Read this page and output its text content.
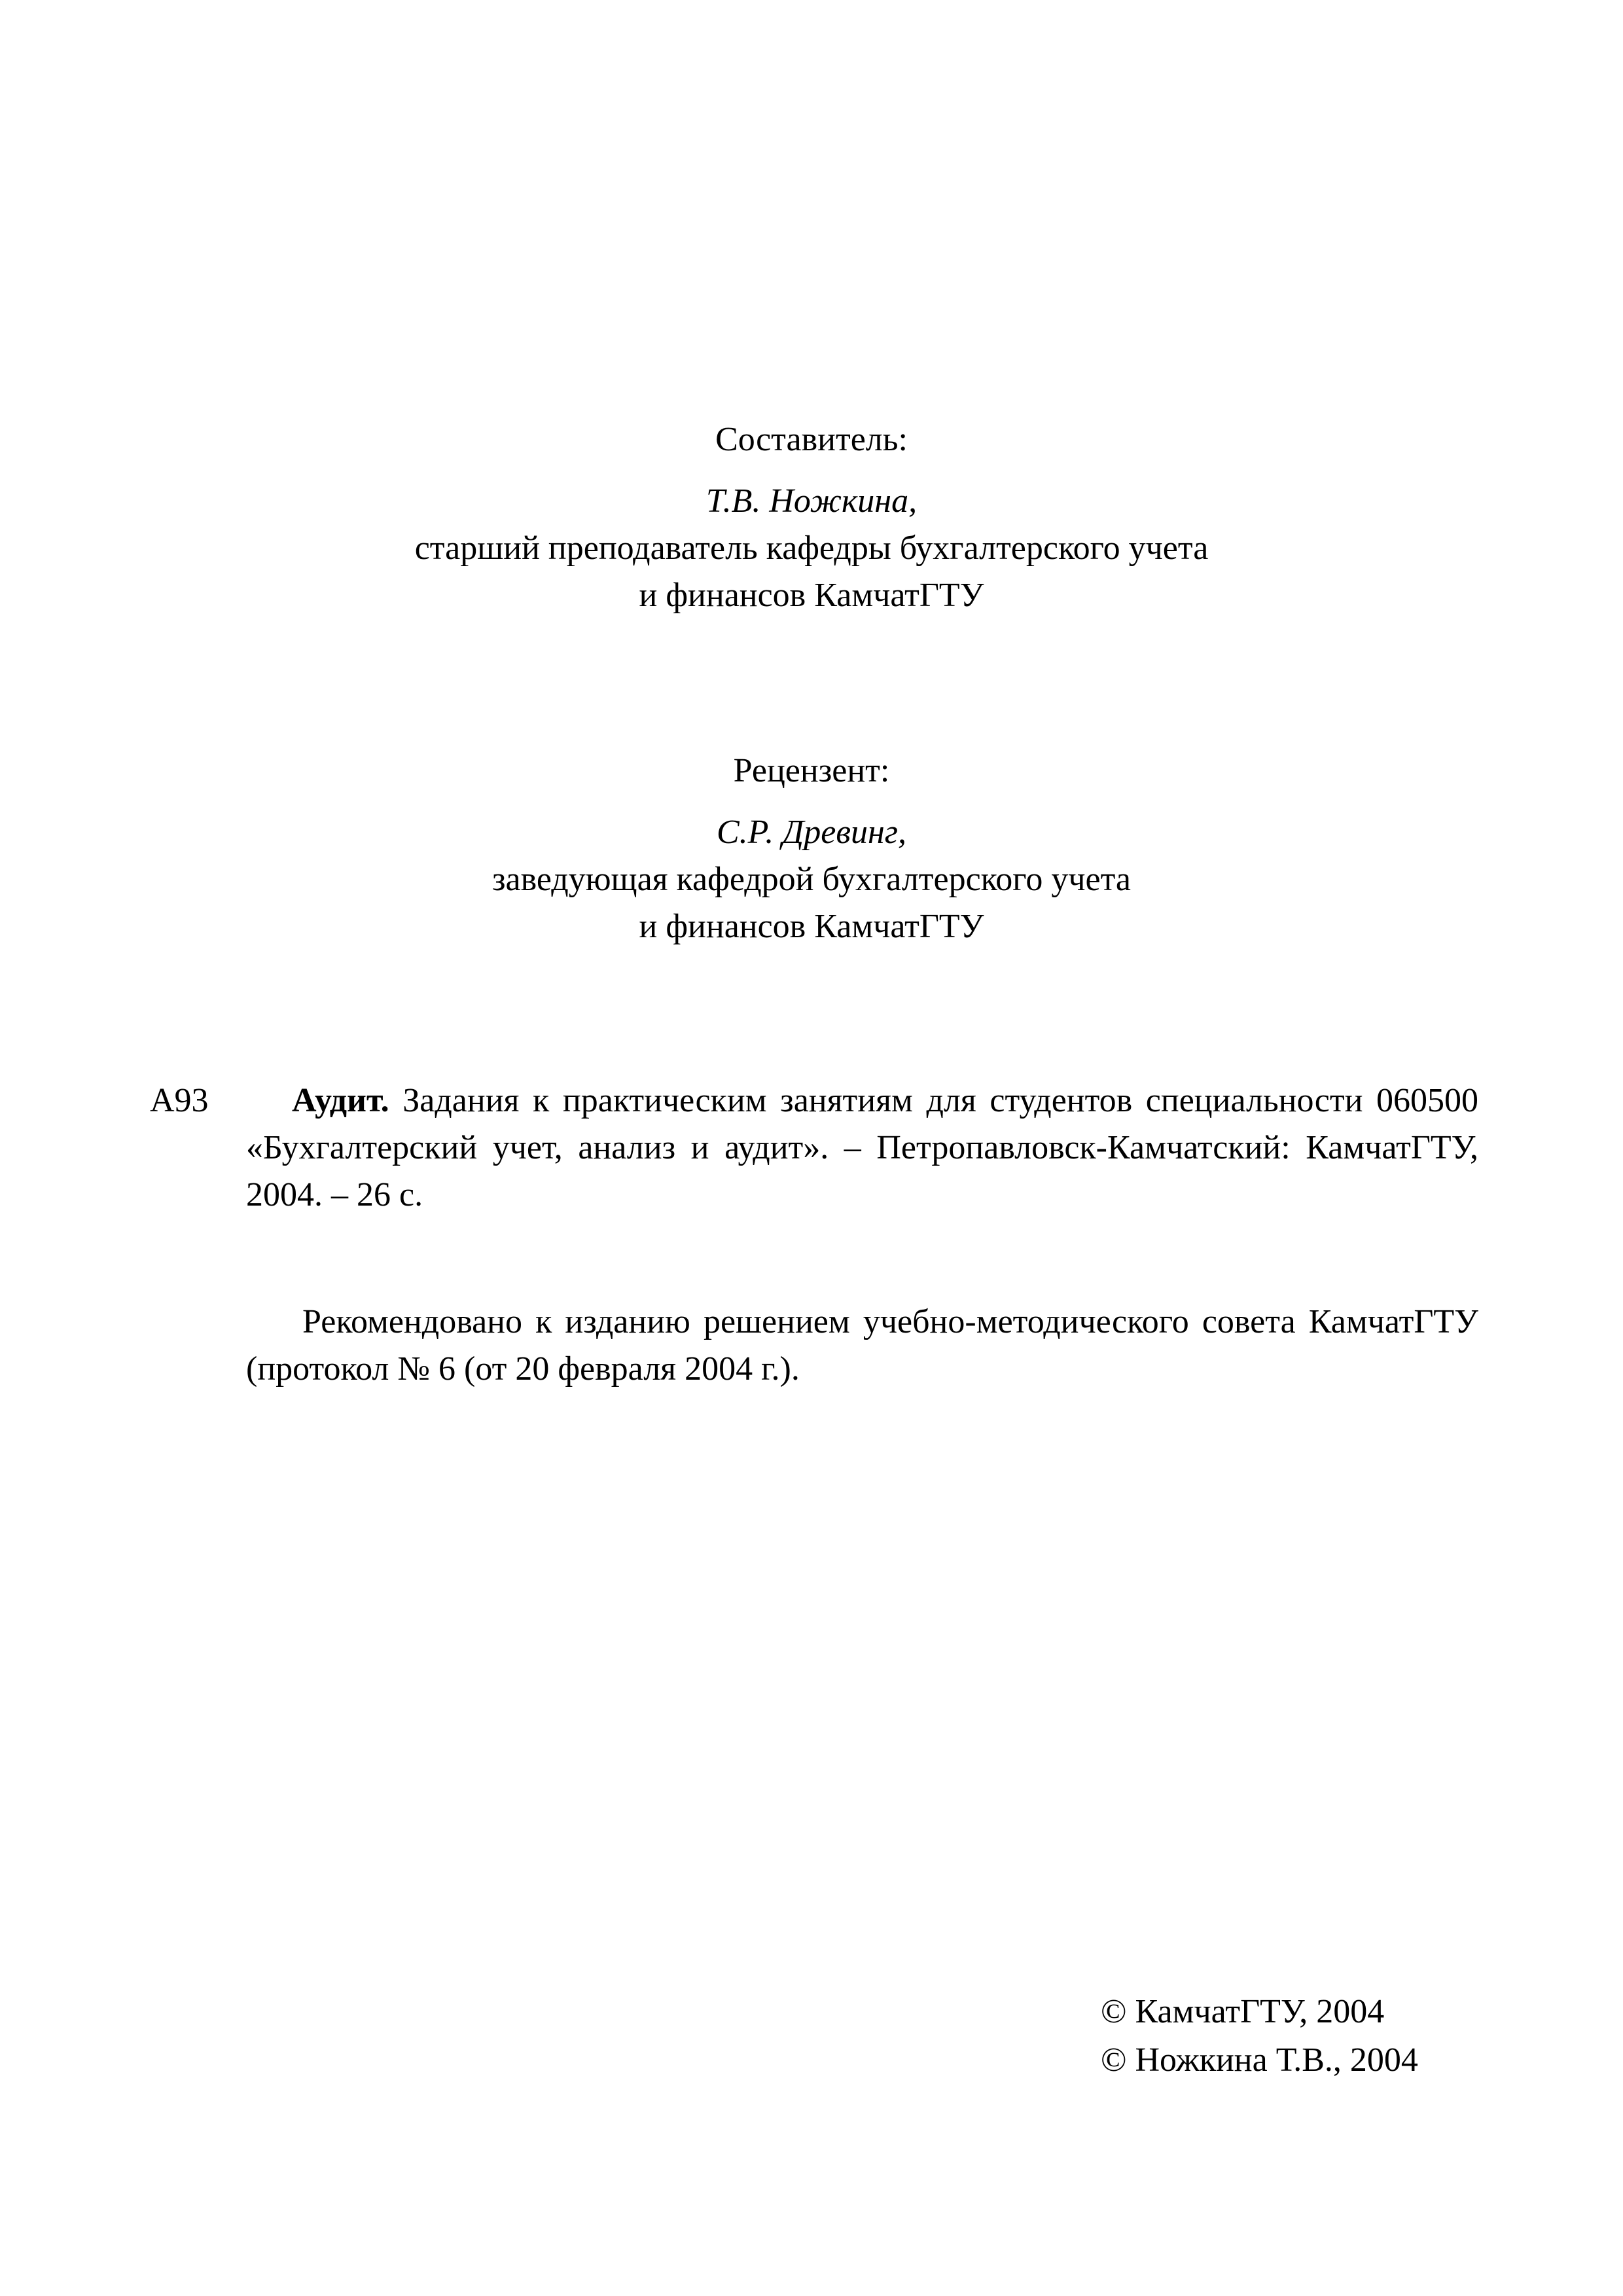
Составитель:
Т.В. Ножкина,
старший преподаватель кафедры бухгалтерского учета
и финансов КамчатГТУ
Рецензент:
С.Р. Древинг,
заведующая кафедрой бухгалтерского учета
и финансов КамчатГТУ
А93	Аудит. Задания к практическим занятиям для студентов специальности 060500 «Бухгалтерский учет, анализ и аудит». – Петропавловск-Камчатский: КамчатГТУ, 2004. – 26 с.
Рекомендовано к изданию решением учебно-методического совета КамчатГТУ (протокол № 6 (от 20 февраля 2004 г.).
© КамчатГТУ, 2004
© Ножкина Т.В., 2004
